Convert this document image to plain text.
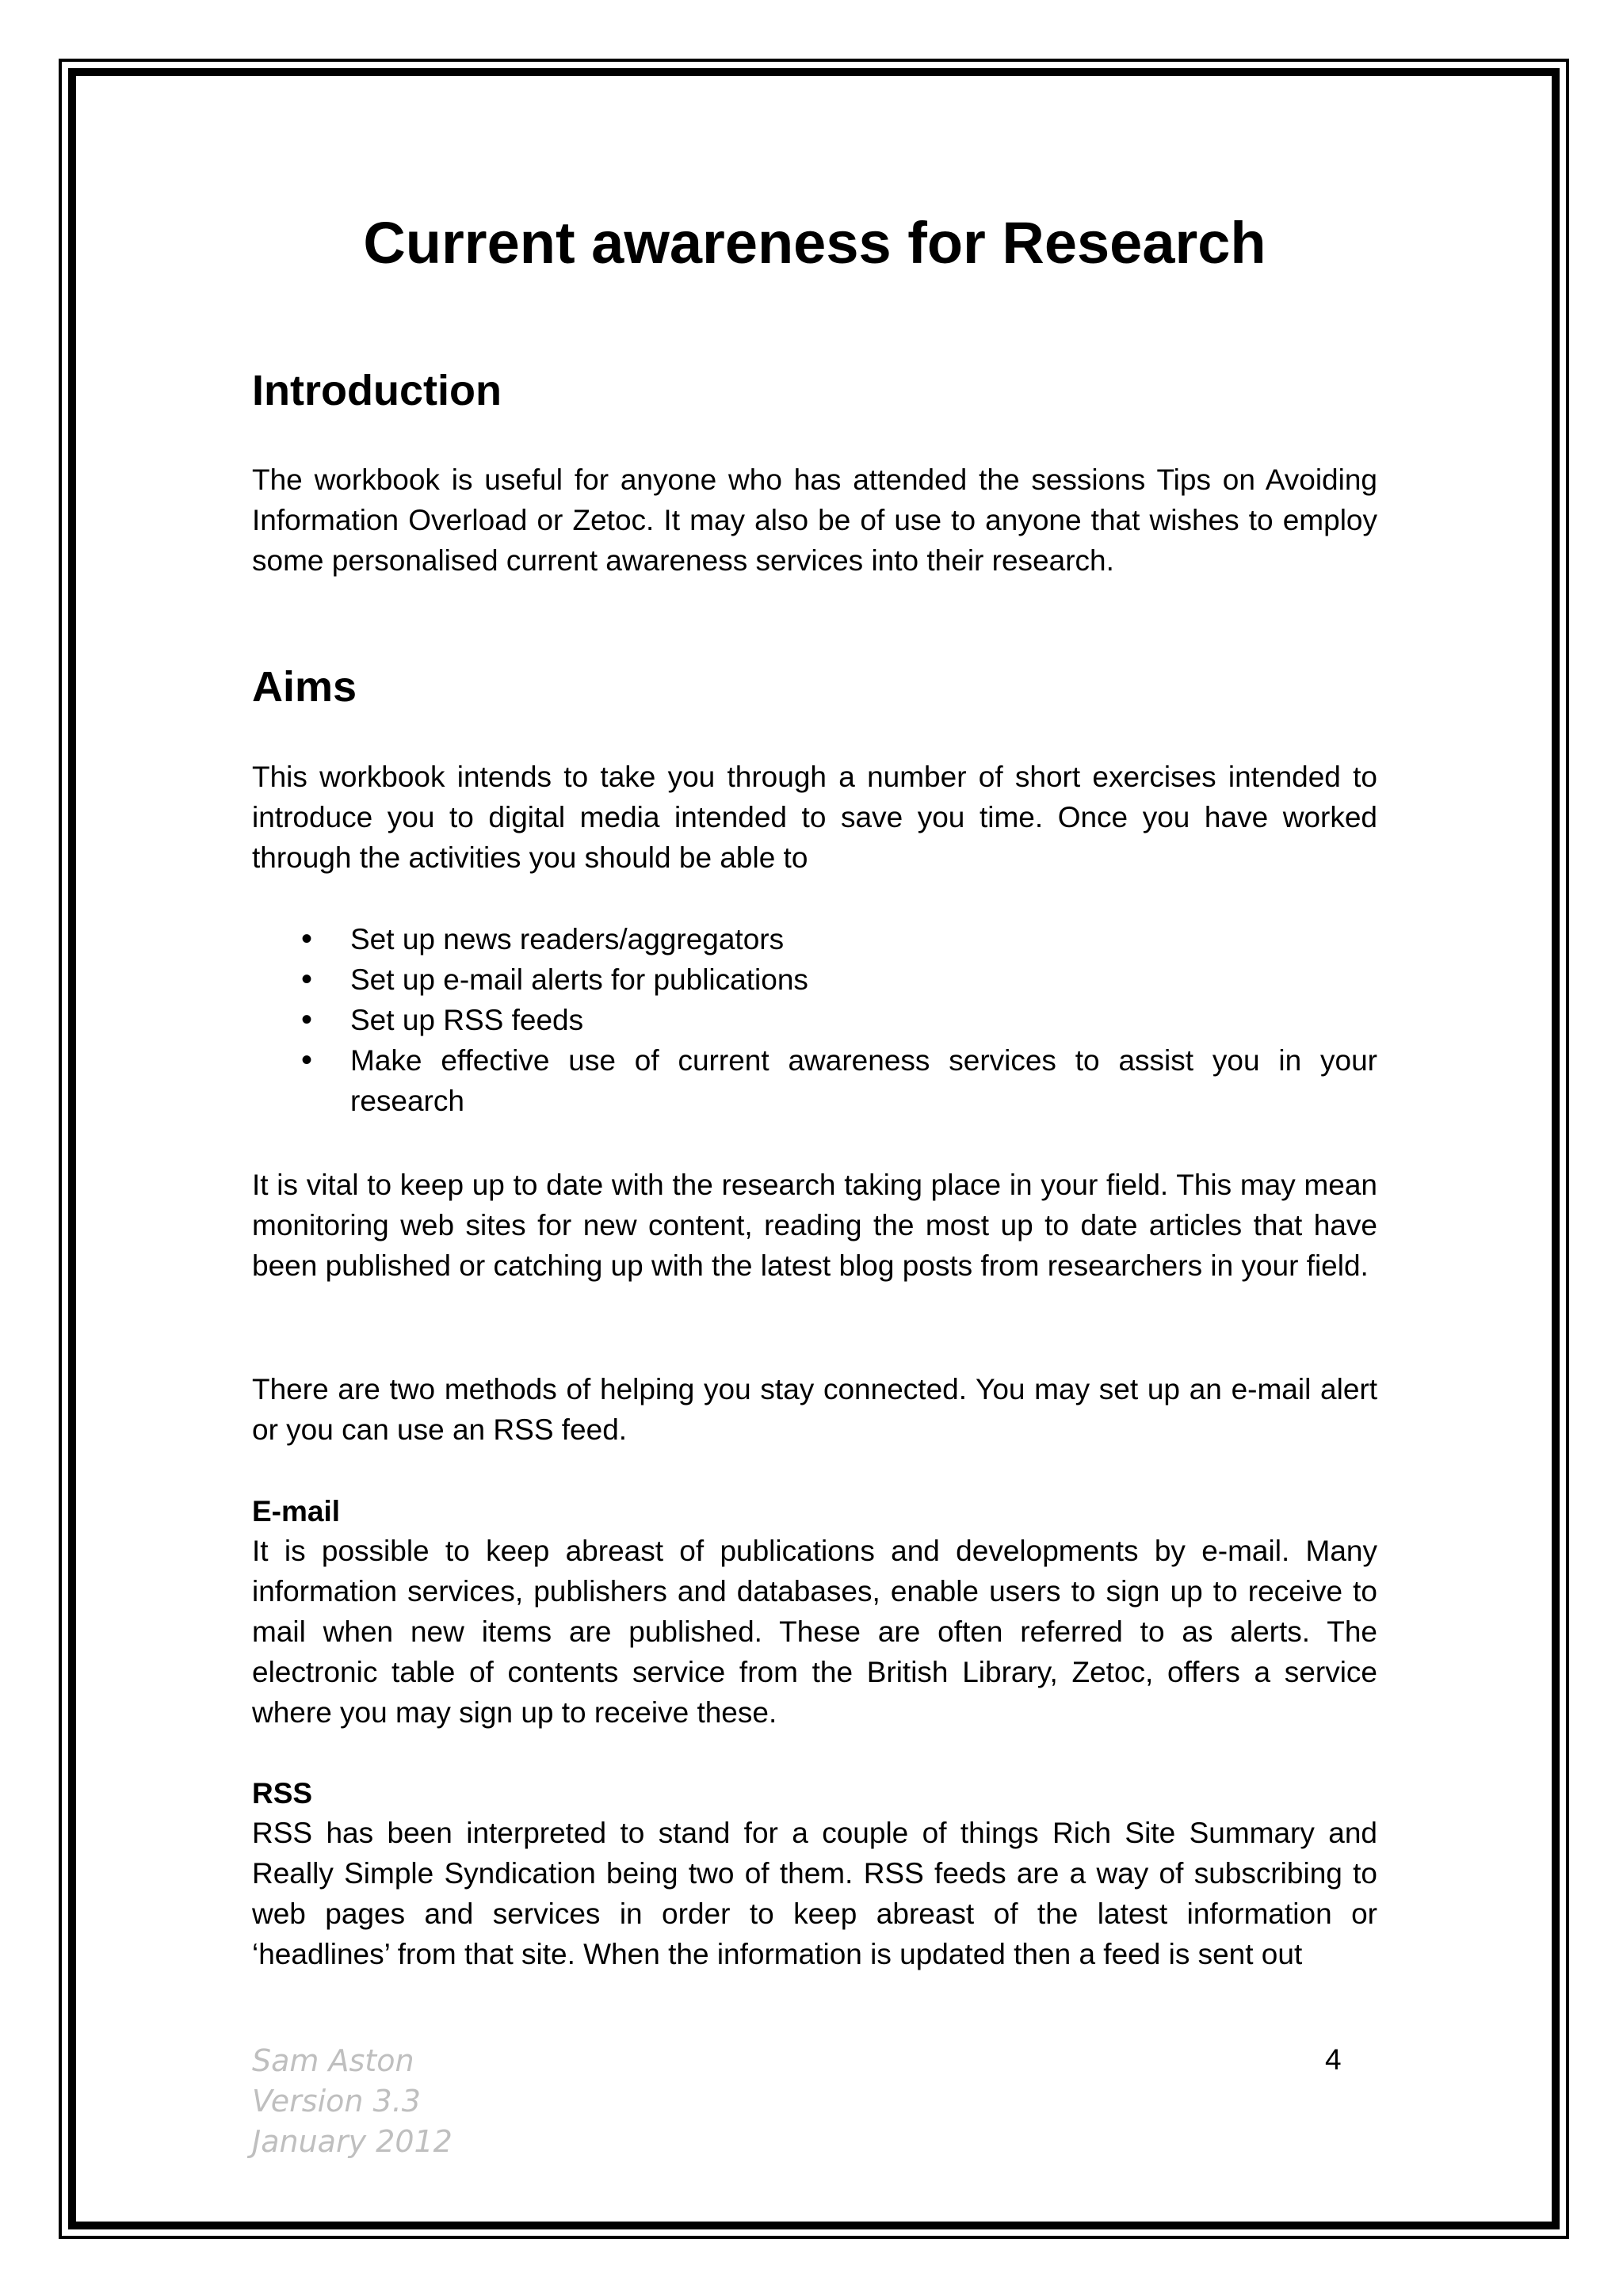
Current awareness for Research
Introduction

The workbook is useful for anyone who has attended the sessions Tips on Avoiding Information Overload or Zetoc. It may also be of use to anyone that wishes to employ some personalised current awareness services into their research.

Aims

This workbook intends to take you through a number of short exercises intended to introduce you to digital media intended to save you time. Once you have worked through the activities you should be able to

• Set up news readers/aggregators
• Set up e-mail alerts for publications
• Set up RSS feeds
• Make effective use of current awareness services to assist you in your research

It is vital to keep up to date with the research taking place in your field. This may mean monitoring web sites for new content, reading the most up to date articles that have been published or catching up with the latest blog posts from researchers in your field.

There are two methods of helping you stay connected. You may set up an e-mail alert or you can use an RSS feed.

E-mail

It is possible to keep abreast of publications and developments by e-mail. Many information services, publishers and databases, enable users to sign up to receive to mail when new items are published. These are often referred to as alerts. The electronic table of contents service from the British Library, Zetoc, offers a service where you may sign up to receive these.

RSS

RSS has been interpreted to stand for a couple of things Rich Site Summary and Really Simple Syndication being two of them. RSS feeds are a way of subscribing to web pages and services in order to keep abreast of the latest information or ‘headlines’ from that site. When the information is updated then a feed is sent out

Sam Aston
Version 3.3
January 2012
4
